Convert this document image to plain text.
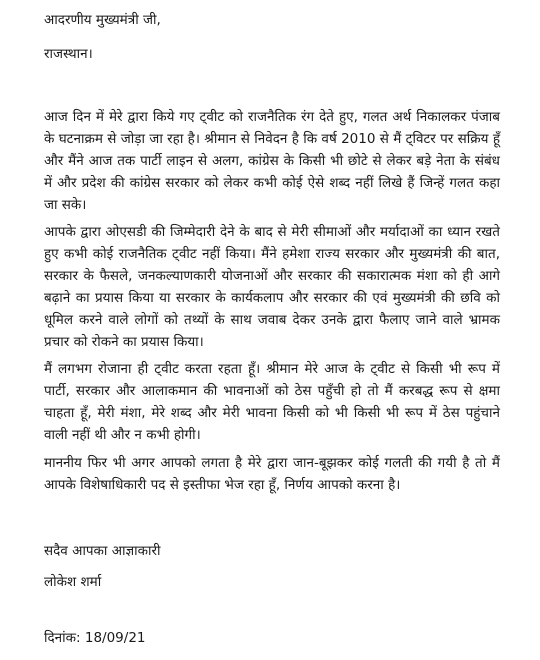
आदरणीय मुख्यमंत्री जी,
राजस्थान।
आज दिन में मेरे द्वारा किये गए ट्वीट को राजनैतिक रंग देते हुए, गलत अर्थ निकालकर पंजाब के घटनाक्रम से जोड़ा जा रहा है। श्रीमान से निवेदन है कि वर्ष 2010 से मैं ट्विटर पर सक्रिय हूँ और मैंने आज तक पार्टी लाइन से अलग, कांग्रेस के किसी भी छोटे से लेकर बड़े नेता के संबंध में और प्रदेश की कांग्रेस सरकार को लेकर कभी कोई ऐसे शब्द नहीं लिखे हैं जिन्हें गलत कहा जा सके।
आपके द्वारा ओएसडी की जिम्मेदारी देने के बाद से मेरी सीमाओं और मर्यादाओं का ध्यान रखते हुए कभी कोई राजनैतिक ट्वीट नहीं किया। मैंने हमेशा राज्य सरकार और मुख्यमंत्री की बात, सरकार के फैसले, जनकल्याणकारी योजनाओं और सरकार की सकारात्मक मंशा को ही आगे बढ़ाने का प्रयास किया या सरकार के कार्यकलाप और सरकार की एवं मुख्यमंत्री की छवि को धूमिल करने वाले लोगों को तथ्यों के साथ जवाब देकर उनके द्वारा फैलाए जाने वाले भ्रामक प्रचार को रोकने का प्रयास किया।
मैं लगभग रोजाना ही ट्वीट करता रहता हूँ। श्रीमान मेरे आज के ट्वीट से किसी भी रूप में पार्टी, सरकार और आलाकमान की भावनाओं को ठेस पहुँची हो तो मैं करबद्ध रूप से क्षमा चाहता हूँ, मेरी मंशा, मेरे शब्द और मेरी भावना किसी को भी किसी भी रूप में ठेस पहुंचाने वाली नहीं थी और न कभी होगी।
माननीय फिर भी अगर आपको लगता है मेरे द्वारा जान-बूझकर कोई गलती की गयी है तो मैं आपके विशेषाधिकारी पद से इस्तीफा भेज रहा हूँ, निर्णय आपको करना है।
सदैव आपका आज्ञाकारी
लोकेश शर्मा
दिनांक: 18/09/21
